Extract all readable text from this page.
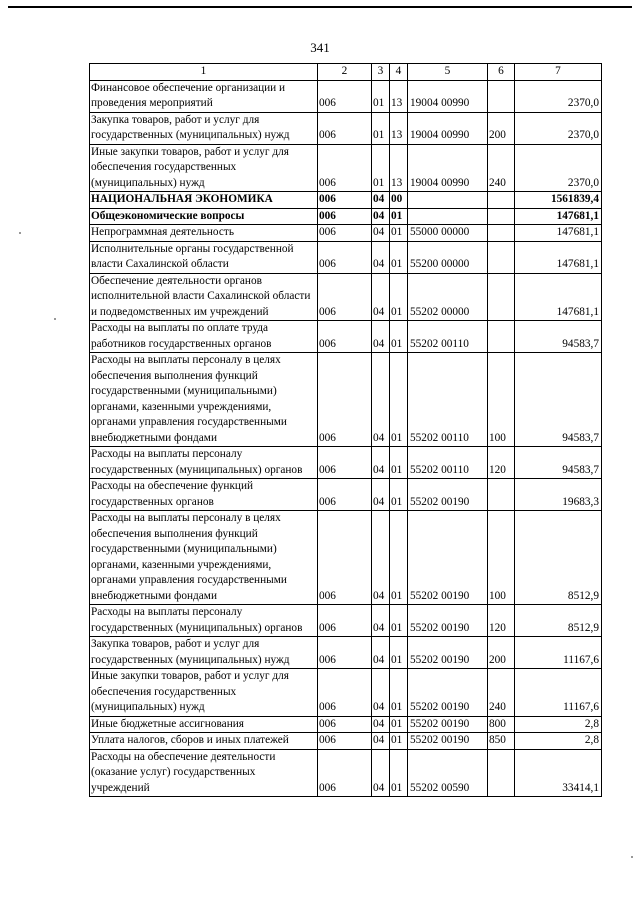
341
1	2	3	4	5	6	7
Финансовое обеспечение организации и проведения мероприятий	006	01	13	19004 00990		2370,0
Закупка товаров, работ и услуг для государственных (муниципальных) нужд	006	01	13	19004 00990	200	2370,0
Иные закупки товаров, работ и услуг для обеспечения государственных (муниципальных) нужд	006	01	13	19004 00990	240	2370,0
НАЦИОНАЛЬНАЯ ЭКОНОМИКА	006	04	00			1561839,4
Общеэкономические вопросы	006	04	01			147681,1
Непрограммная деятельность	006	04	01	55000 00000		147681,1
Исполнительные органы государственной власти Сахалинской области	006	04	01	55200 00000		147681,1
Обеспечение деятельности органов исполнительной власти Сахалинской области и подведомственных им учреждений	006	04	01	55202 00000		147681,1
Расходы на выплаты по оплате труда работников государственных органов	006	04	01	55202 00110		94583,7
Расходы на выплаты персоналу в целях обеспечения выполнения функций государственными (муниципальными) органами, казенными учреждениями, органами управления государственными внебюджетными фондами	006	04	01	55202 00110	100	94583,7
Расходы на выплаты персоналу государственных (муниципальных) органов	006	04	01	55202 00110	120	94583,7
Расходы на обеспечение функций государственных органов	006	04	01	55202 00190		19683,3
Расходы на выплаты персоналу в целях обеспечения выполнения функций государственными (муниципальными) органами, казенными учреждениями, органами управления государственными внебюджетными фондами	006	04	01	55202 00190	100	8512,9
Расходы на выплаты персоналу государственных (муниципальных) органов	006	04	01	55202 00190	120	8512,9
Закупка товаров, работ и услуг для государственных (муниципальных) нужд	006	04	01	55202 00190	200	11167,6
Иные закупки товаров, работ и услуг для обеспечения государственных (муниципальных) нужд	006	04	01	55202 00190	240	11167,6
Иные бюджетные ассигнования	006	04	01	55202 00190	800	2,8
Уплата налогов, сборов и иных платежей	006	04	01	55202 00190	850	2,8
Расходы на обеспечение деятельности (оказание услуг) государственных учреждений	006	04	01	55202 00590		33414,1
